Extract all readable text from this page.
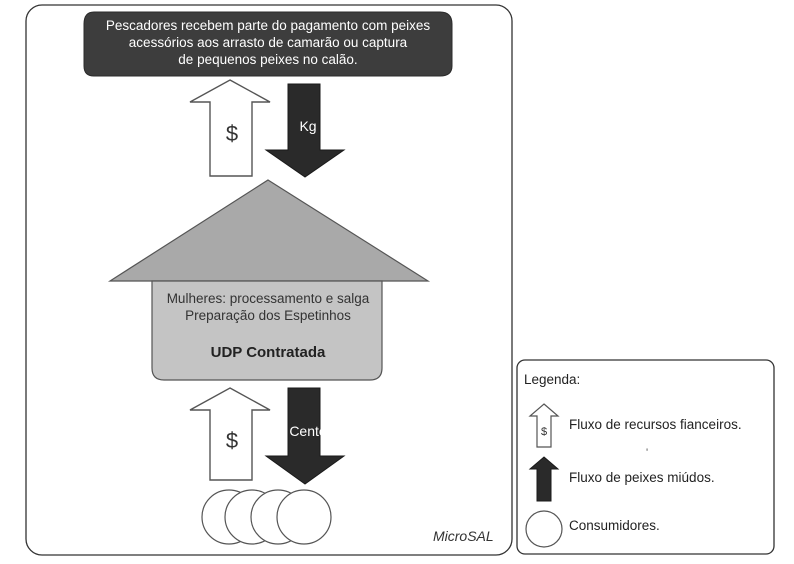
Pescadores recebem parte do pagamento com peixes
acessórios aos arrasto de camarão ou captura
de pequenos peixes no calão.
$	Kg
Mulheres: processamento e salga
Preparação dos Espetinhos
UDP Contratada
$	Cento
MicroSAL
Legenda:
$ Fluxo de recursos fianceiros.
'
Fluxo de peixes miúdos.
Consumidores.
